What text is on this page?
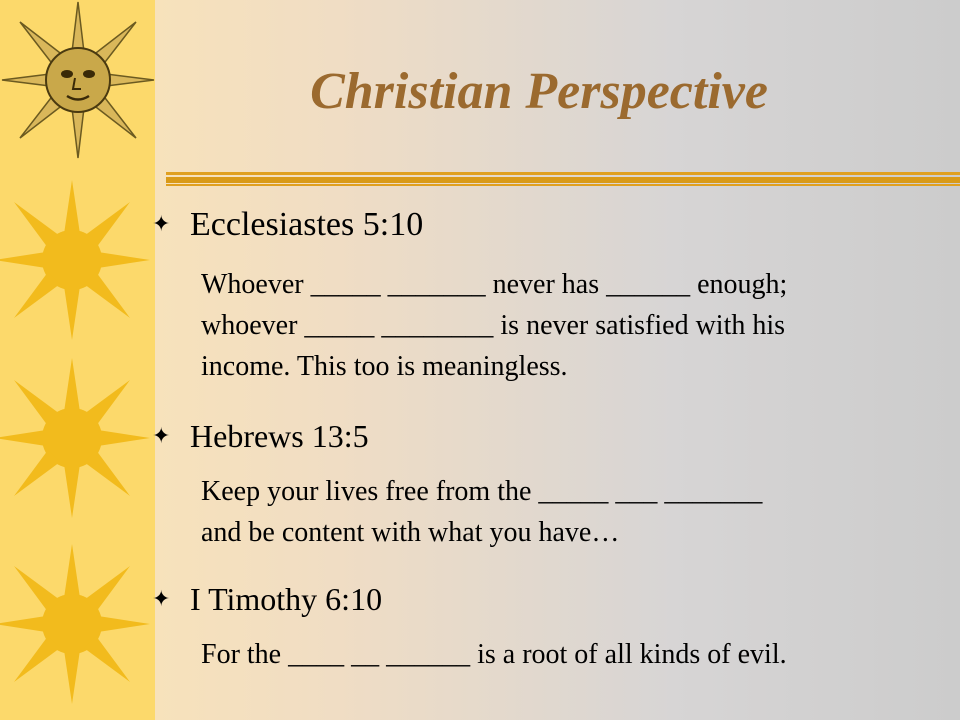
Christian Perspective
✦ Ecclesiastes 5:10
Whoever _____ _______ never has ______ enough;
whoever _____ ________ is never satisfied with his
income. This too is meaningless.
✦ Hebrews 13:5
Keep your lives free from the _____ ___ _______
and be content with what you have…
✦ I Timothy 6:10
For the ____ __ ______ is a root of all kinds of evil.
